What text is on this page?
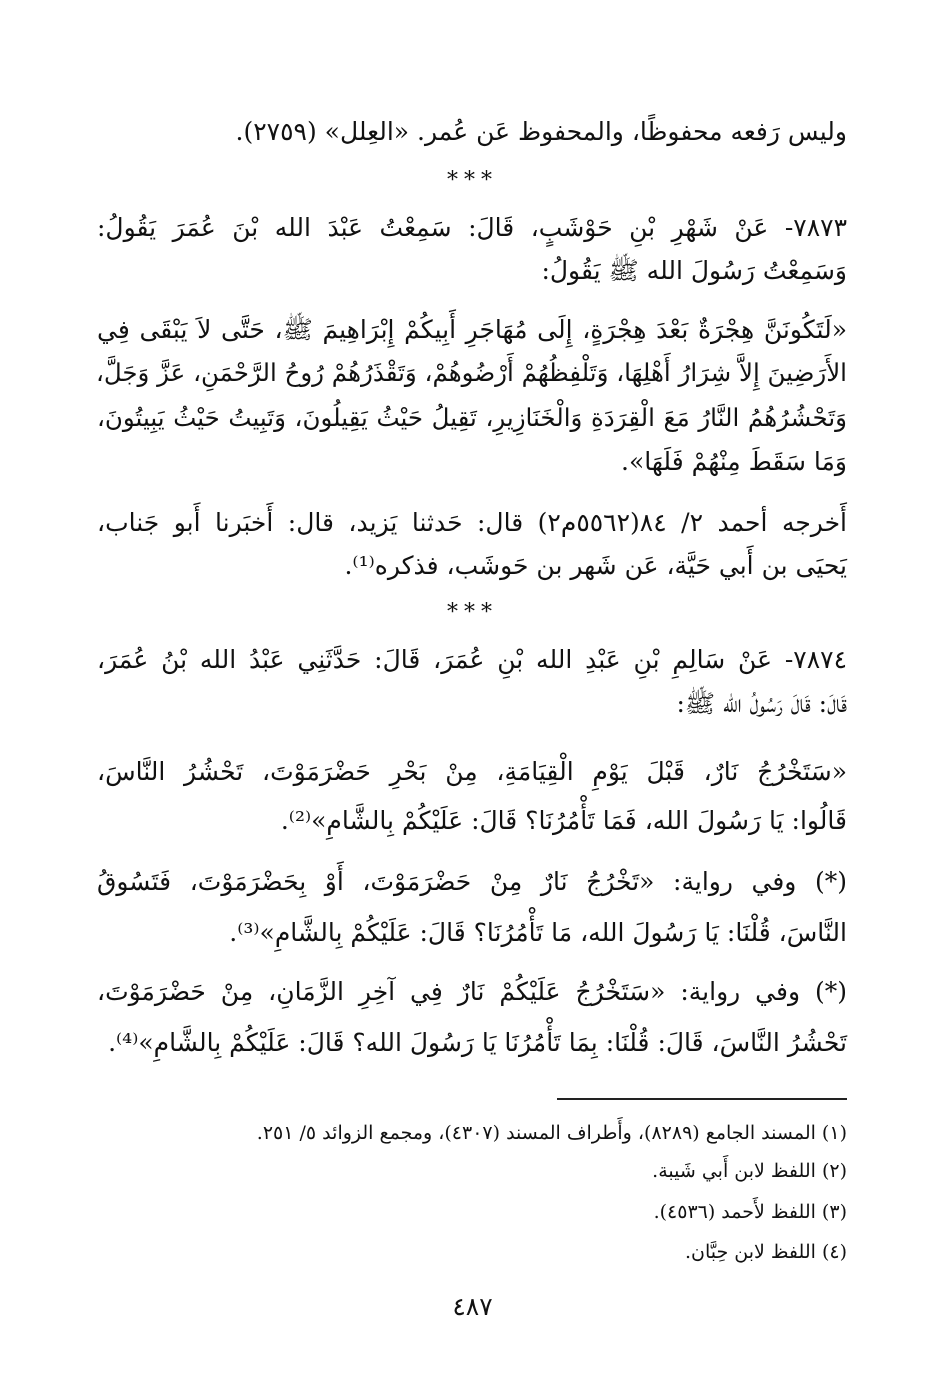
وليس رَفعه محفوظًا، والمحفوظ عَن عُمر. «العِلل» (٢٧٥٩).
***
٧٨٧٣- عَنْ شَهْرِ بْنِ حَوْشَبٍ، قَالَ: سَمِعْتُ عَبْدَ الله بْنَ عُمَرَ يَقُولُ:
وَسَمِعْتُ رَسُولَ الله ﷺ يَقُولُ:
«لَتَكُونَنَّ هِجْرَةٌ بَعْدَ هِجْرَةٍ، إِلَى مُهَاجَرِ أَبِيكُمْ إِبْرَاهِيمَ ﷺ، حَتَّى لاَ يَبْقَى فِي
الأَرَضِينَ إِلاَّ شِرَارُ أَهْلِهَا، وَتَلْفِظُهُمْ أَرْضُوهُمْ، وَتَقْذَرُهُمْ رُوحُ الرَّحْمَنِ، عَزَّ وَجَلَّ،
وَتَحْشُرُهُمُ النَّارُ مَعَ الْقِرَدَةِ وَالْخَنَازِيرِ، تَقِيلُ حَيْثُ يَقِيلُونَ، وَتَبِيتُ حَيْثُ يَبِيتُونَ،
وَمَا سَقَطَ مِنْهُمْ فَلَهَا».
أَخرجه أحمد ٢/ ٨٤(٥٥٦٢م٢) قال: حَدثنا يَزيد، قال: أَخبَرنا أَبو جَناب،
يَحيَى بن أَبي حَيَّة، عَن شَهر بن حَوشَب، فذكره⁽¹⁾.
***
٧٨٧٤- عَنْ سَالِمِ بْنِ عَبْدِ الله بْنِ عُمَرَ، قَالَ: حَدَّثَنِي عَبْدُ الله بْنُ عُمَرَ،
قَالَ: قَالَ رَسُولُ الله ﷺ:
«سَتَخْرُجُ نَارٌ، قَبْلَ يَوْمِ الْقِيَامَةِ، مِنْ بَحْرِ حَضْرَمَوْتَ، تَحْشُرُ النَّاسَ،
قَالُوا: يَا رَسُولَ الله، فَمَا تَأْمُرُنَا؟ قَالَ: عَلَيْكُمْ بِالشَّامِ»⁽²⁾.
(*) وفي رواية: «تَخْرُجُ نَارٌ مِنْ حَضْرَمَوْتَ، أَوْ بِحَضْرَمَوْتَ، فَتَسُوقُ
النَّاسَ، قُلْنَا: يَا رَسُولَ الله، مَا تَأْمُرُنَا؟ قَالَ: عَلَيْكُمْ بِالشَّامِ»⁽³⁾.
(*) وفي رواية: «سَتَخْرُجُ عَلَيْكُمْ نَارٌ فِي آخِرِ الزَّمَانِ، مِنْ حَضْرَمَوْتَ،
تَحْشُرُ النَّاسَ، قَالَ: قُلْنَا: بِمَا تَأْمُرُنَا يَا رَسُولَ الله؟ قَالَ: عَلَيْكُمْ بِالشَّامِ»⁽⁴⁾.
(١) المسند الجامع (٨٢٨٩)، وأَطراف المسند (٤٣٠٧)، ومجمع الزوائد ٥/ ٢٥١.
(٢) اللفظ لابن أَبي شَيبة.
(٣) اللفظ لأَحمد (٤٥٣٦).
(٤) اللفظ لابن حِبَّان.
٤٨٧
